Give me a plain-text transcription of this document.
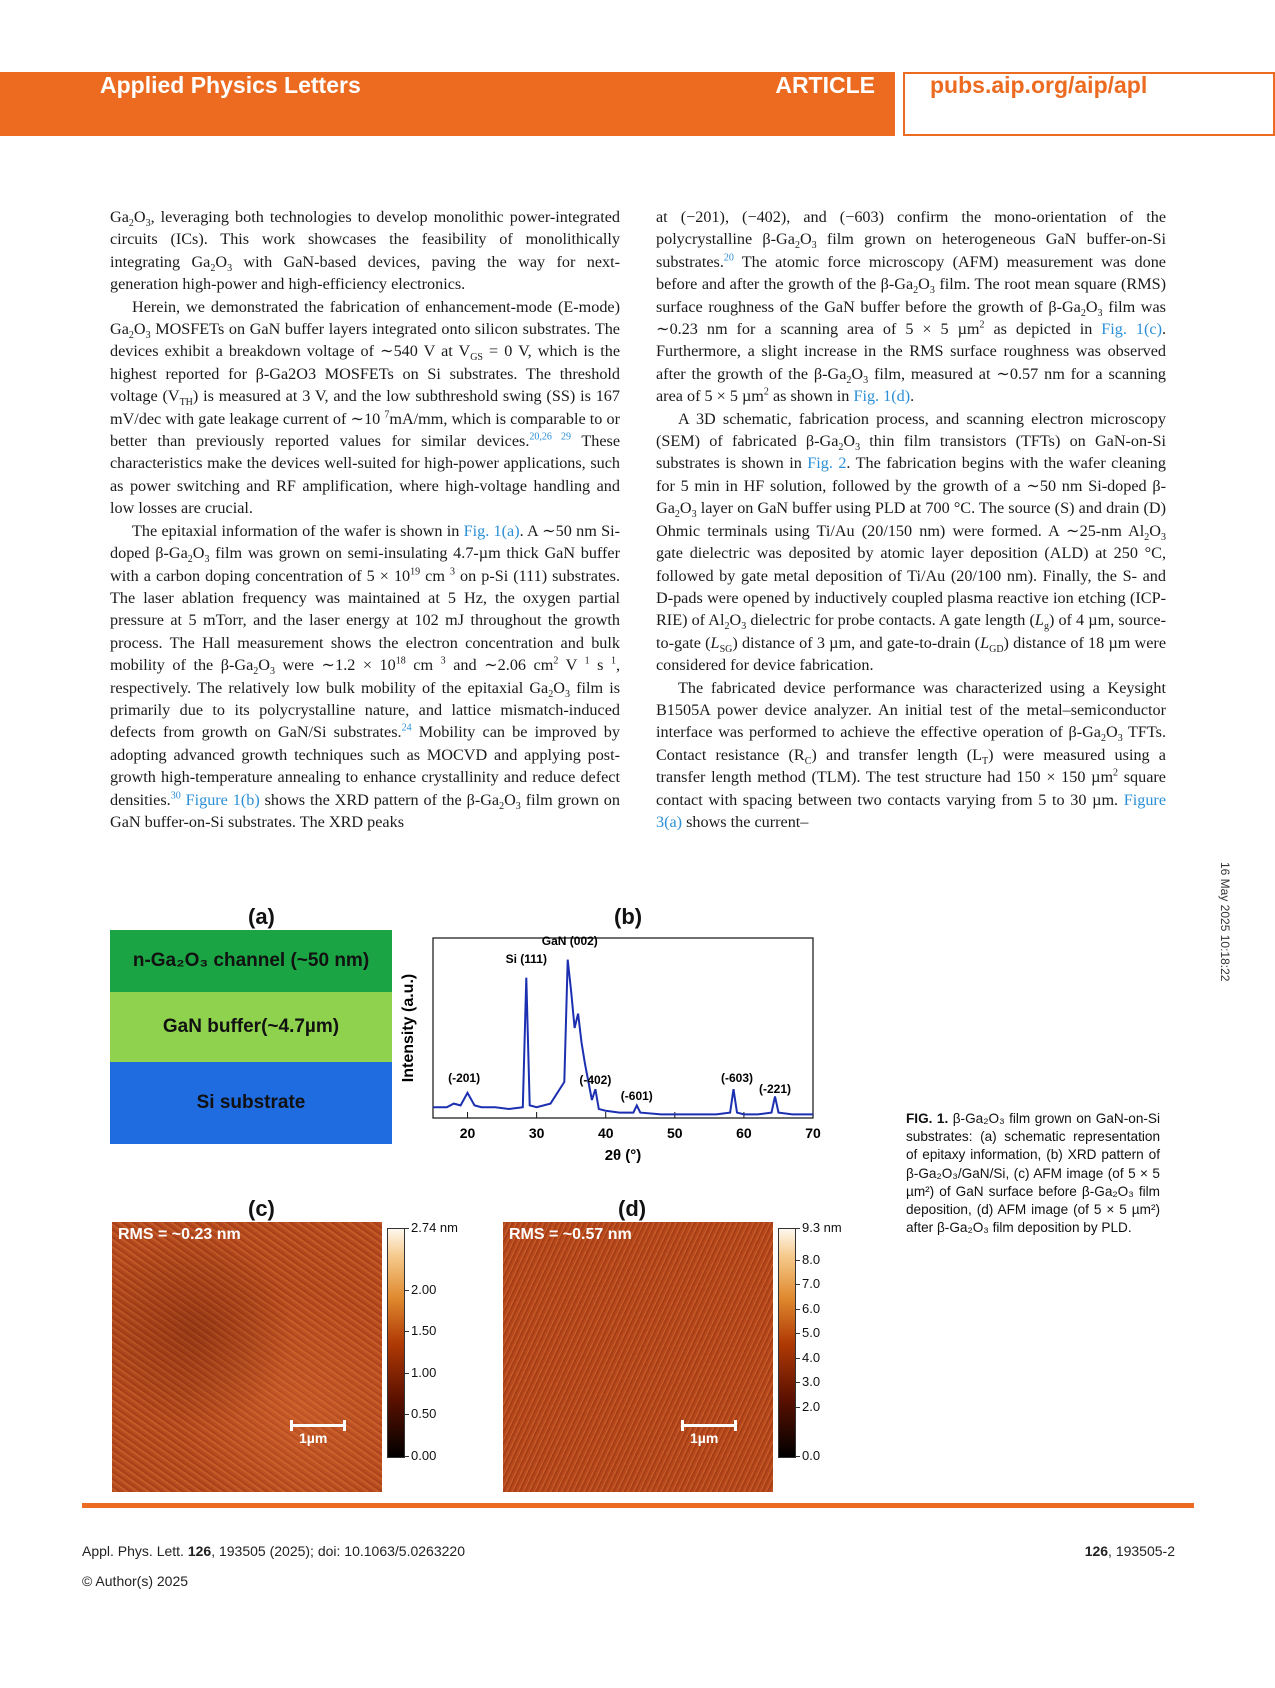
Applied Physics Letters	ARTICLE pubs.aip.org/aip/apl
16 May 2025 10:18:22

$Ga_2O_3$, leveraging both technologies to develop monolithic power-integrated circuits (ICs). This work showcases the feasibility of monolithically integrating $Ga_2O_3$ with GaN-based devices, paving the way for next-generation high-power and high-efficiency electronics.

Herein, we demonstrated the fabrication of enhancement-mode (E-mode) $Ga_2O_3$ MOSFETs on GaN buffer layers integrated onto silicon substrates. The devices exhibit a breakdown voltage of ∼540 V at $V_{GS} = 0$ V, which is the highest reported for β-Ga2O3 MOSFETs on Si substrates. The threshold voltage $(V_{TH})$ is measured at 3 V, and the low subthreshold swing (SS) is 167 mV/dec with gate leakage current of ∼10 $^7$mA/mm, which is comparable to or better than previously reported values for similar devices.$^{20,26 29}$ These characteristics make the devices well-suited for high-power applications, such as power switching and RF amplification, where high-voltage handling and low losses are crucial.

The epitaxial information of the wafer is shown in Fig. 1(a). A ∼50 nm Si-doped $\beta-Ga_2O_3$ film was grown on semi-insulating 4.7-µm thick GaN buffer with a carbon doping concentration of $5 \times 10^{19}$ cm $^3$ on p-Si (111) substrates. The laser ablation frequency was maintained at 5 Hz, the oxygen partial pressure at 5 mTorr, and the laser energy at 102 mJ throughout the growth process. The Hall measurement shows the electron concentration and bulk mobility of the $\beta-Ga_2O_3$ were ∼1.2 × $10^{18}$ cm $^3$ and ∼2.06 $cm^2$ V $^1$ s $^1$, respectively. The relatively low bulk mobility of the epitaxial $Ga_2O_3$ film is primarily due to its polycrystalline nature, and lattice mismatch-induced defects from growth on GaN/Si substrates.$^{24}$ Mobility can be improved by adopting advanced growth techniques such as MOCVD and applying post-growth high-temperature annealing to enhance crystallinity and reduce defect densities.$^{30}$ Figure 1(b) shows the XRD pattern of the $\beta-Ga_2O_3$ film grown on GaN buffer-on-Si substrates. The XRD peaks

at (−201), (−402), and (−603) confirm the mono-orientation of the polycrystalline $\beta-Ga_2O_3$ film grown on heterogeneous GaN buffer-on-Si substrates.$^{20}$ The atomic force microscopy (AFM) measurement was done before and after the growth of the $\beta-Ga_2O_3$ film. The root mean square (RMS) surface roughness of the GaN buffer before the growth of $\beta-Ga_2O_3$ film was ∼0.23 nm for a scanning area of 5 × 5 µm$^2$ as depicted in Fig. 1(c). Furthermore, a slight increase in the RMS surface roughness was observed after the growth of the $\beta-Ga_2O_3$ film, measured at ∼0.57 nm for a scanning area of 5 × 5 µm$^2$ as shown in Fig. 1(d).

A 3D schematic, fabrication process, and scanning electron microscopy (SEM) of fabricated $\beta-Ga_2O_3$ thin film transistors (TFTs) on GaN-on-Si substrates is shown in Fig. 2. The fabrication begins with the wafer cleaning for 5 min in HF solution, followed by the growth of a ∼50 nm Si-doped $\beta-Ga_2O_3$ layer on GaN buffer using PLD at 700 °C. The source (S) and drain (D) Ohmic terminals using Ti/Au (20/150 nm) were formed. A ∼25-nm $Al_2O_3$ gate dielectric was deposited by atomic layer deposition (ALD) at 250 °C, followed by gate metal deposition of Ti/Au (20/100 nm). Finally, the S- and D-pads were opened by inductively coupled plasma reactive ion etching (ICP-RIE) of $Al_2O_3$ dielectric for probe contacts. A gate length $(L_g)$ of 4 µm, source-to-gate $(L_{SG})$ distance of 3 µm, and gate-to-drain $(L_{GD})$ distance of 18 µm were considered for device fabrication.

The fabricated device performance was characterized using a Keysight B1505A power device analyzer. An initial test of the metal–semiconductor interface was performed to achieve the effective operation of $\beta-Ga_2O_3$ TFTs. Contact resistance $(R_C)$ and transfer length $(L_T)$ were measured using a transfer length method (TLM). The test structure had 150 × 150 µm$^2$ square contact with spacing between two contacts varying from 5 to 30 µm. Figure 3(a) shows the current–

(a)
n-Ga₂O₃ channel (~50 nm)
GaN buffer(~4.7µm)
Si substrate
(b)
20	30	40	50	60	70
GaN (002)
Si (111)
(-201)	(-402)
(-601)
(-603)
(-221)
2θ (°)
Intensity (a.u.)
(c)
RMS = ~0.23 nm
1µm
2.74 nm
2.00
1.50
1.00
0.50
0.00
(d)
RMS = ~0.57 nm
1µm
9.3 nm
8.0
7.0
6.0
5.0
4.0
3.0
2.0
0.0
FIG. 1. β-Ga₂O₃ film grown on GaN-on-Si substrates: (a) schematic representation of epitaxy information, (b) XRD pattern of β-Ga₂O₃/GaN/Si, (c) AFM image (of 5 × 5 µm²) of GaN surface before β-Ga₂O₃ film deposition, (d) AFM image (of 5 × 5 µm²) after β-Ga₂O₃ film deposition by PLD.
Appl. Phys. Lett. 126, 193505 (2025); doi: 10.1063/5.0263220
© Author(s) 2025
126, 193505-2
